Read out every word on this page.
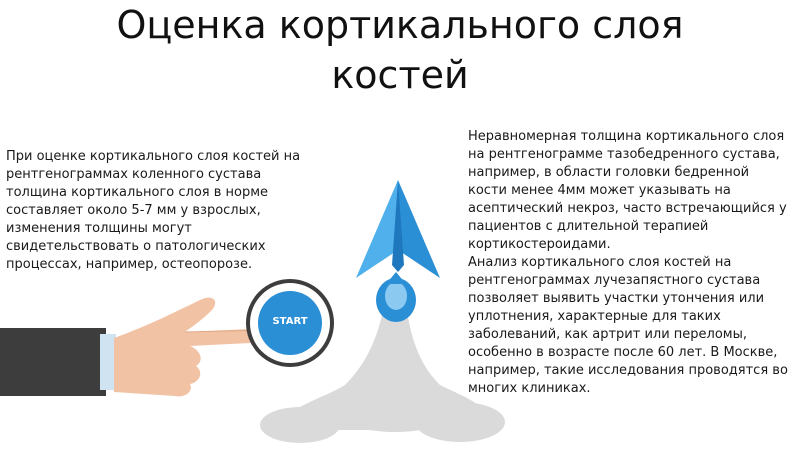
Оценка кортикального слоя костей
При оценке кортикального слоя костей на рентгенограммах коленного сустава толщина кортикального слоя в норме составляет около 5-7 мм у взрослых, изменения толщины могут свидетельствовать о патологических процессах, например, остеопорозе.
Неравномерная толщина кортикального слоя на рентгенограмме тазобедренного сустава, например, в области головки бедренной кости менее 4мм может указывать на асептический некроз, часто встречающийся у пациентов с длительной терапией кортикостероидами.
Анализ кортикального слоя костей на рентгенограммах лучезапястного сустава позволяет выявить участки утончения или уплотнения, характерные для таких заболеваний, как артрит или переломы, особенно в возрасте после 60 лет. В Москве, например, такие исследования проводятся во многих клиниках.
START
